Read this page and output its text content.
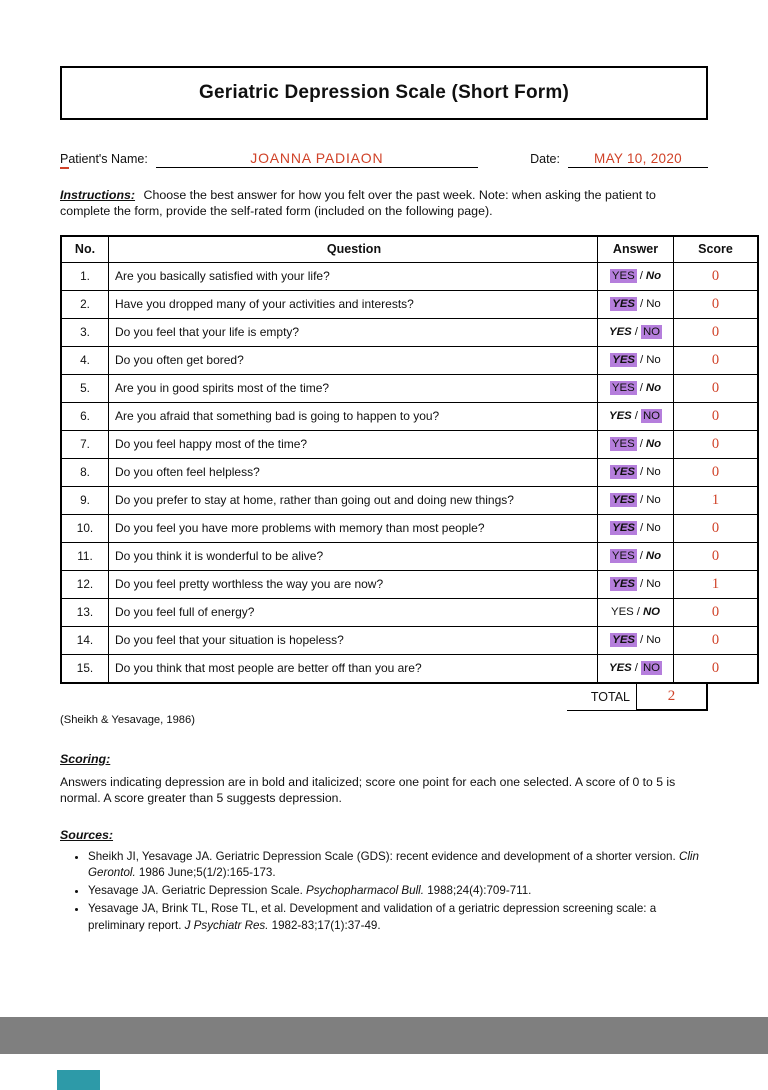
Geriatric Depression Scale (Short Form)
Patient's Name:	JOANNA PADIAON	Date:	MAY 10, 2020

Instructions: Choose the best answer for how you felt over the past week. Note: when asking the patient to complete the form, provide the self-rated form (included on the following page).

No.	Question	Answer	Score
1.	Are you basically satisfied with your life?	YES / No	0
2.	Have you dropped many of your activities and interests?	YES / No	0
3.	Do you feel that your life is empty?	YES / NO	0
4.	Do you often get bored?	YES / No	0
5.	Are you in good spirits most of the time?	YES / No	0
6.	Are you afraid that something bad is going to happen to you?	YES / NO	0
7.	Do you feel happy most of the time?	YES / No	0
8.	Do you often feel helpless?	YES / No	0
9.	Do you prefer to stay at home, rather than going out and doing new things?	YES / No	1
10.	Do you feel you have more problems with memory than most people?	YES / No	0
11.	Do you think it is wonderful to be alive?	YES / No	0
12.	Do you feel pretty worthless the way you are now?	YES / No	1
13.	Do you feel full of energy?	YES / NO	0
14.	Do you feel that your situation is hopeless?	YES / No	0
15.	Do you think that most people are better off than you are?	YES / NO	0
TOTAL	2
(Sheikh & Yesavage, 1986)
Scoring:

Answers indicating depression are in bold and italicized; score one point for each one selected. A score of 0 to 5 is normal. A score greater than 5 suggests depression.

Sources:
• Sheikh JI, Yesavage JA. Geriatric Depression Scale (GDS): recent evidence and development of a shorter version. Clin Gerontol. 1986 June;5(1/2):165-173.
• Yesavage JA. Geriatric Depression Scale. Psychopharmacol Bull. 1988;24(4):709-711.
• Yesavage JA, Brink TL, Rose TL, et al. Development and validation of a geriatric depression screening scale: a preliminary report. J Psychiatr Res. 1982-83;17(1):37-49.
